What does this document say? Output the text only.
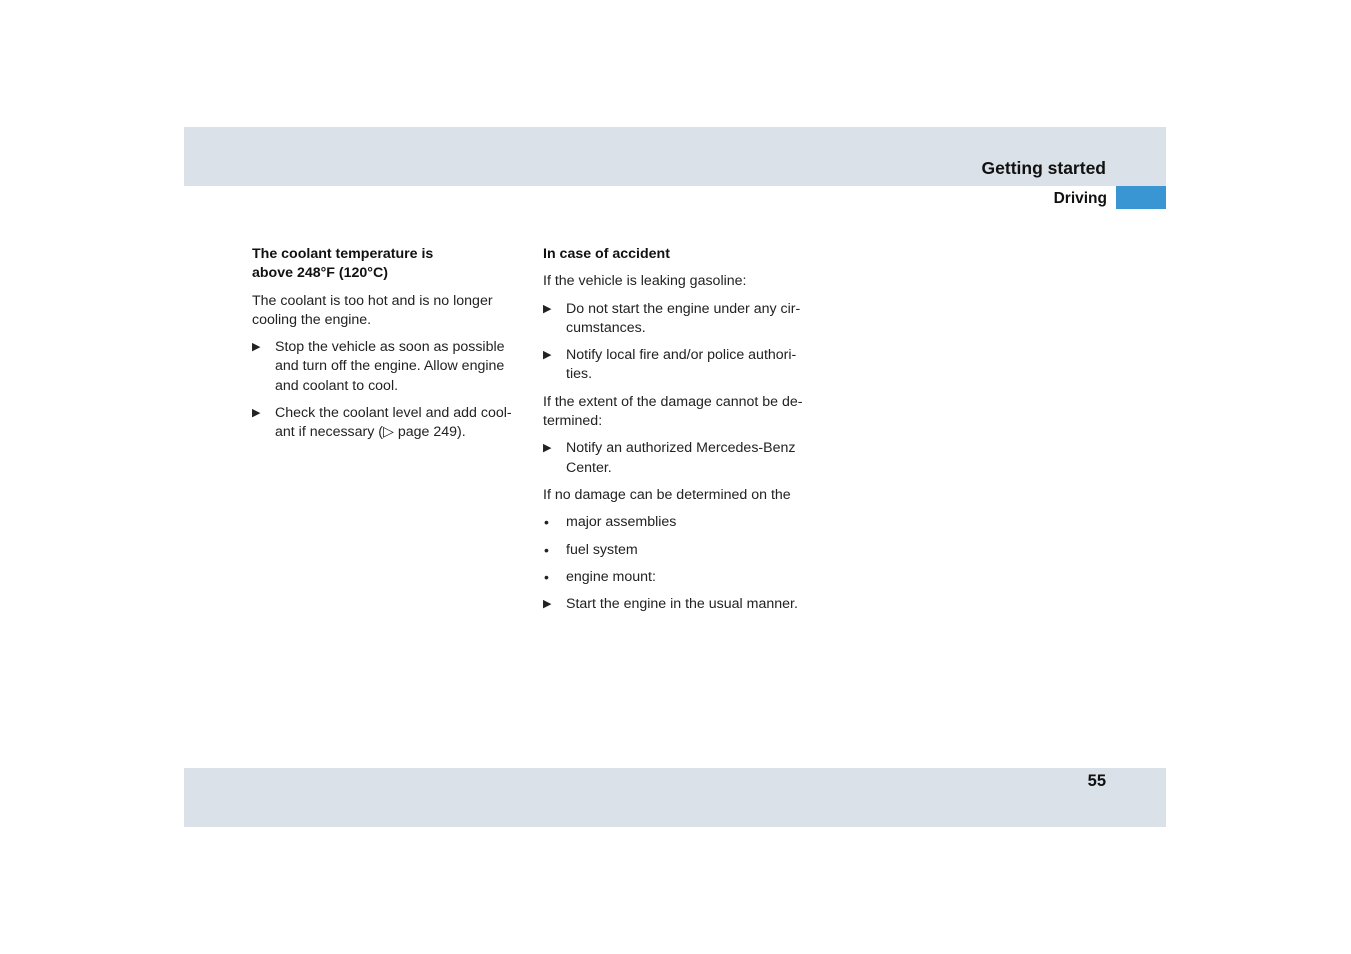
Getting started
Driving
The coolant temperature is
above 248°F (120°C)
The coolant is too hot and is no longer
cooling the engine.
▶ Stop the vehicle as soon as possible
and turn off the engine. Allow engine
and coolant to cool.
▶ Check the coolant level and add cool-
ant if necessary (▷ page 249).
In case of accident
If the vehicle is leaking gasoline:
▶ Do not start the engine under any cir-
cumstances.
▶ Notify local fire and/or police authori-
ties.
If the extent of the damage cannot be de-
termined:
▶ Notify an authorized Mercedes-Benz
Center.
If no damage can be determined on the
• major assemblies
• fuel system
• engine mount:
▶ Start the engine in the usual manner.
55
